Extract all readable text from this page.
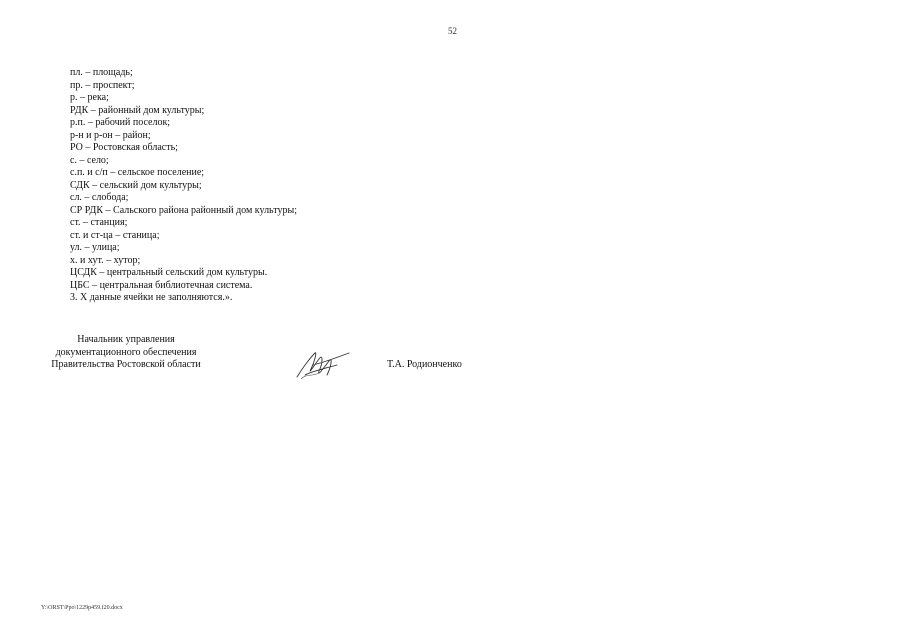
52
пл. – площадь;
пр. – проспект;
р. – река;
РДК – районный дом культуры;
р.п. – рабочий поселок;
р-н и р-он – район;
РО – Ростовская область;
с. – село;
с.п. и с/п – сельское поселение;
СДК – сельский дом культуры;
сл. – слобода;
СР РДК – Сальского района районный дом культуры;
ст. – станция;
ст. и ст-ца – станица;
ул. – улица;
х. и хут. – хутор;
ЦСДК – центральный сельский дом культуры.
ЦБС – центральная библиотечная система.
3. Х данные ячейки не заполняются.».
Начальник управления
документационного обеспечения
Правительства Ростовской области	Т.А. Родионченко
Y:\ORST\Ppo\1229p459.f20.docx
